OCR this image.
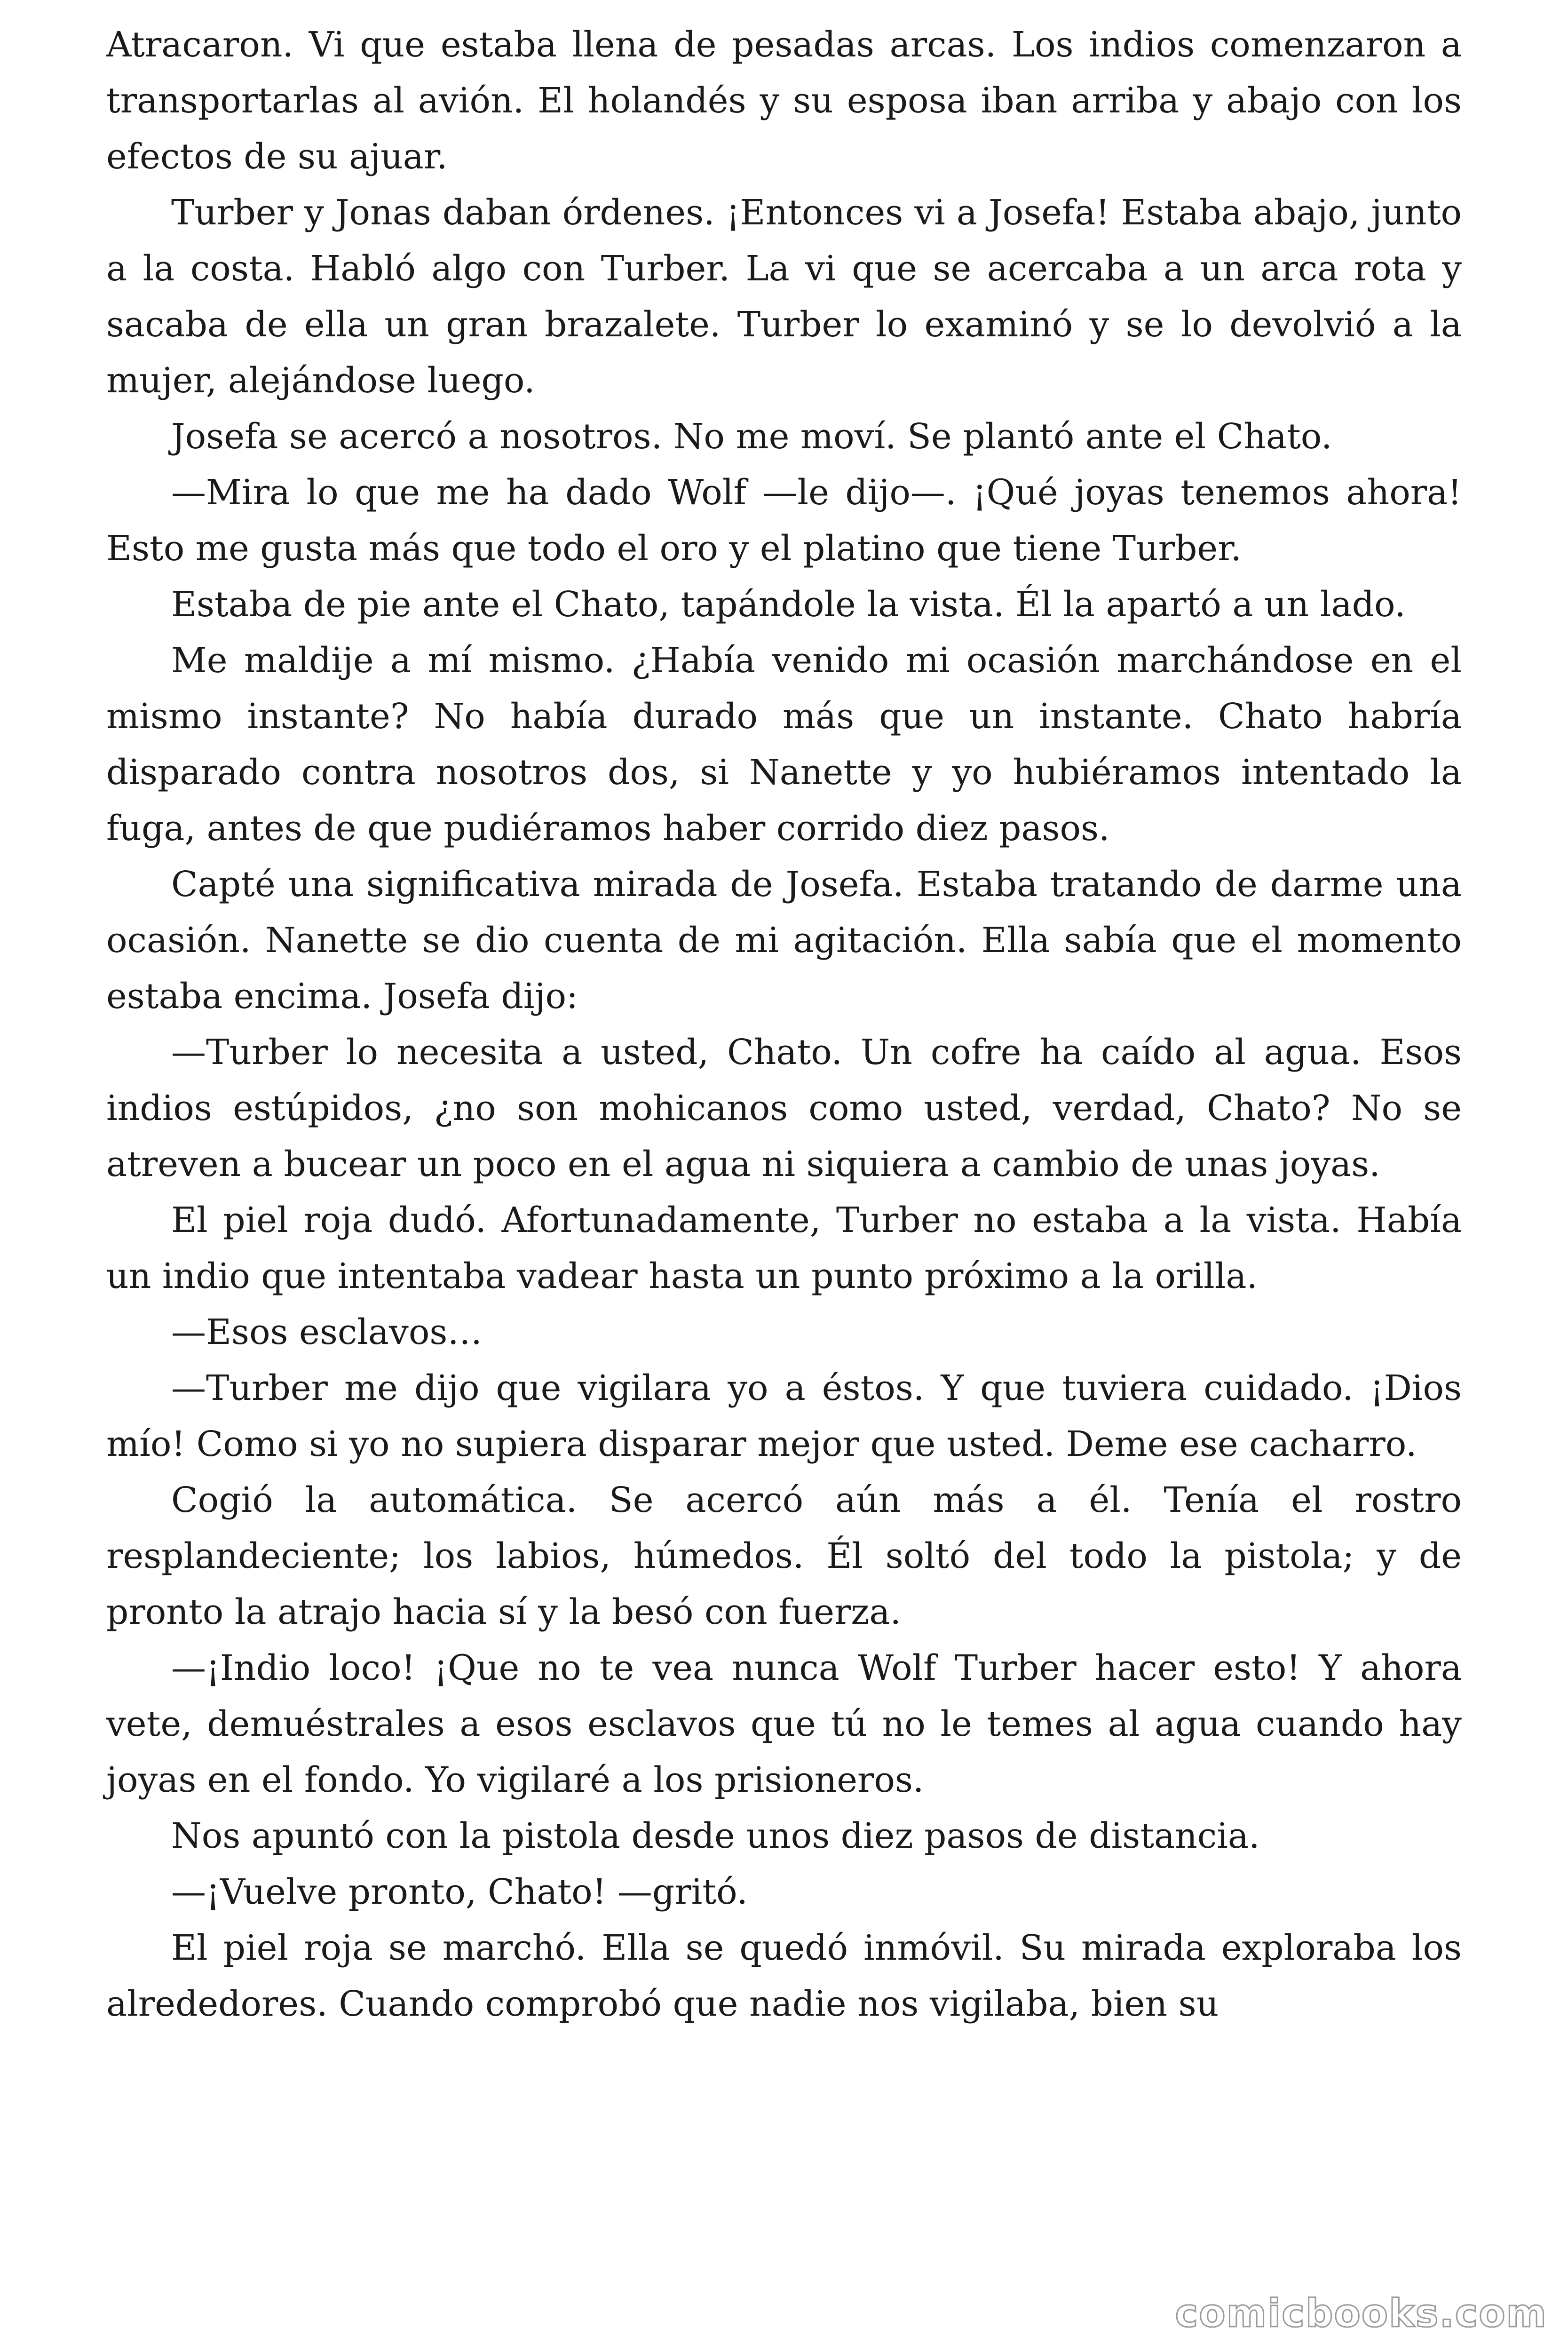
Atracaron. Vi que estaba llena de pesadas arcas. Los indios comenzaron a transportarlas al avión. El holandés y su esposa iban arriba y abajo con los efectos de su ajuar.

Turber y Jonas daban órdenes. ¡Entonces vi a Josefa! Estaba abajo, junto a la costa. Habló algo con Turber. La vi que se acercaba a un arca rota y sacaba de ella un gran brazalete. Turber lo examinó y se lo devolvió a la mujer, alejándose luego.

Josefa se acercó a nosotros. No me moví. Se plantó ante el Chato.

—Mira lo que me ha dado Wolf —le dijo—. ¡Qué joyas tenemos ahora! Esto me gusta más que todo el oro y el platino que tiene Turber.

Estaba de pie ante el Chato, tapándole la vista. Él la apartó a un lado.

Me maldije a mí mismo. ¿Había venido mi ocasión marchándose en el mismo instante? No había durado más que un instante. Chato habría disparado contra nosotros dos, si Nanette y yo hubiéramos intentado la fuga, antes de que pudiéramos haber corrido diez pasos.

Capté una significativa mirada de Josefa. Estaba tratando de darme una ocasión. Nanette se dio cuenta de mi agitación. Ella sabía que el momento estaba encima. Josefa dijo:

—Turber lo necesita a usted, Chato. Un cofre ha caído al agua. Esos indios estúpidos, ¿no son mohicanos como usted, verdad, Chato? No se atreven a bucear un poco en el agua ni siquiera a cambio de unas joyas.

El piel roja dudó. Afortunadamente, Turber no estaba a la vista. Había un indio que intentaba vadear hasta un punto próximo a la orilla.

—Esos esclavos…

—Turber me dijo que vigilara yo a éstos. Y que tuviera cuidado. ¡Dios mío! Como si yo no supiera disparar mejor que usted. Deme ese cacharro.

Cogió la automática. Se acercó aún más a él. Tenía el rostro resplandeciente; los labios, húmedos. Él soltó del todo la pistola; y de pronto la atrajo hacia sí y la besó con fuerza.

—¡Indio loco! ¡Que no te vea nunca Wolf Turber hacer esto! Y ahora vete, demuéstrales a esos esclavos que tú no le temes al agua cuando hay joyas en el fondo. Yo vigilaré a los prisioneros.

Nos apuntó con la pistola desde unos diez pasos de distancia.

—¡Vuelve pronto, Chato! —gritó.

El piel roja se marchó. Ella se quedó inmóvil. Su mirada exploraba los alrededores. Cuando comprobó que nadie nos vigilaba, bien su

comicbooks.com
